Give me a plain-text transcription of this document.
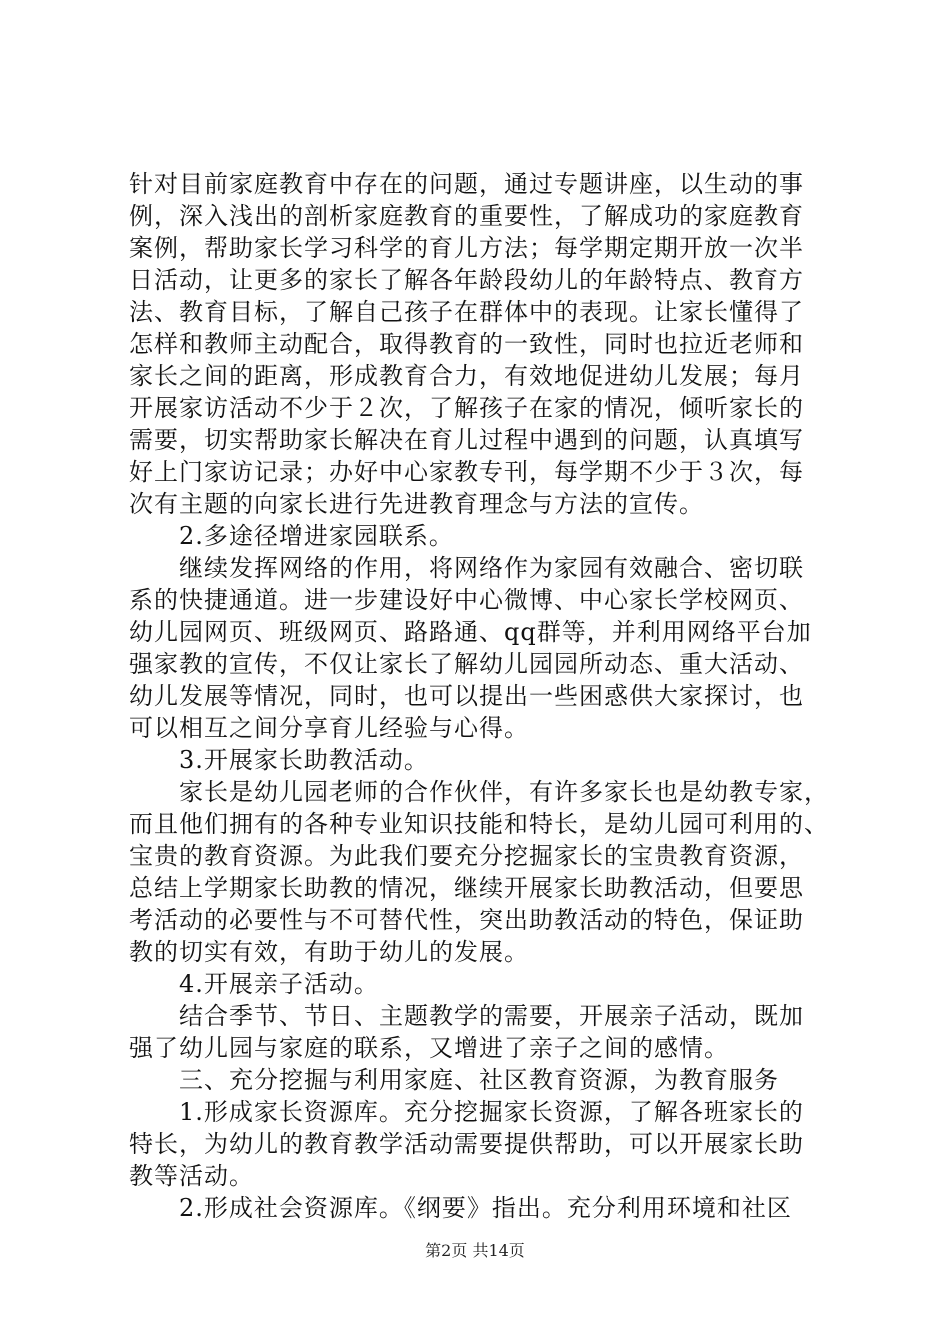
针对目前家庭教育中存在的问题，通过专题讲座，以生动的事
例，深入浅出的剖析家庭教育的重要性，了解成功的家庭教育
案例，帮助家长学习科学的育儿方法；每学期定期开放一次半
日活动，让更多的家长了解各年龄段幼儿的年龄特点、教育方
法、教育目标，了解自己孩子在群体中的表现。让家长懂得了
怎样和教师主动配合，取得教育的一致性，同时也拉近老师和
家长之间的距离，形成教育合力，有效地促进幼儿发展；每月
开展家访活动不少于２次，了解孩子在家的情况，倾听家长的
需要，切实帮助家长解决在育儿过程中遇到的问题，认真填写
好上门家访记录；办好中心家教专刊，每学期不少于３次，每
次有主题的向家长进行先进教育理念与方法的宣传。
　　2.多途径增进家园联系。
　　继续发挥网络的作用，将网络作为家园有效融合、密切联
系的快捷通道。进一步建设好中心微博、中心家长学校网页、
幼儿园网页、班级网页、路路通、qq群等，并利用网络平台加
强家教的宣传，不仅让家长了解幼儿园园所动态、重大活动、
幼儿发展等情况，同时，也可以提出一些困惑供大家探讨，也
可以相互之间分享育儿经验与心得。
　　3.开展家长助教活动。
　　家长是幼儿园老师的合作伙伴，有许多家长也是幼教专家，
而且他们拥有的各种专业知识技能和特长，是幼儿园可利用的、
宝贵的教育资源。为此我们要充分挖掘家长的宝贵教育资源，
总结上学期家长助教的情况，继续开展家长助教活动，但要思
考活动的必要性与不可替代性，突出助教活动的特色，保证助
教的切实有效，有助于幼儿的发展。
　　4.开展亲子活动。
　　结合季节、节日、主题教学的需要，开展亲子活动，既加
强了幼儿园与家庭的联系，又增进了亲子之间的感情。
　　三、充分挖掘与利用家庭、社区教育资源，为教育服务
　　1.形成家长资源库。充分挖掘家长资源，了解各班家长的
特长，为幼儿的教育教学活动需要提供帮助，可以开展家长助
教等活动。
　　2.形成社会资源库。《纲要》指出。充分利用环境和社区
第2页 共14页
